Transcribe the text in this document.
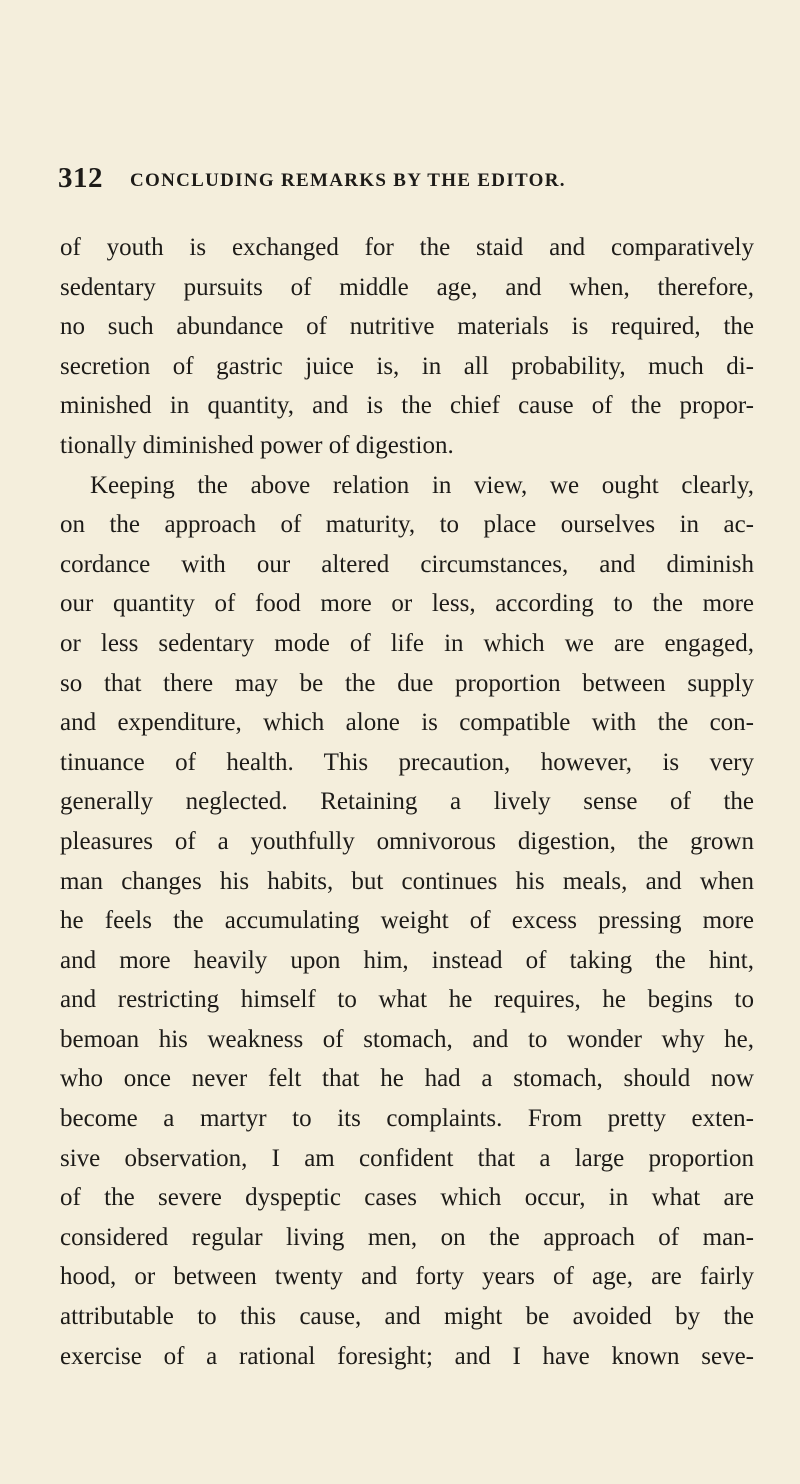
312 CONCLUDING REMARKS BY THE EDITOR.
of youth is exchanged for the staid and comparatively
sedentary pursuits of middle age, and when, therefore,
no such abundance of nutritive materials is required, the
secretion of gastric juice is, in all probability, much di-
minished in quantity, and is the chief cause of the propor-
tionally diminished power of digestion.
Keeping the above relation in view, we ought clearly,
on the approach of maturity, to place ourselves in ac-
cordance with our altered circumstances, and diminish
our quantity of food more or less, according to the more
or less sedentary mode of life in which we are engaged,
so that there may be the due proportion between supply
and expenditure, which alone is compatible with the con-
tinuance of health. This precaution, however, is very
generally neglected. Retaining a lively sense of the
pleasures of a youthfully omnivorous digestion, the grown
man changes his habits, but continues his meals, and when
he feels the accumulating weight of excess pressing more
and more heavily upon him, instead of taking the hint,
and restricting himself to what he requires, he begins to
bemoan his weakness of stomach, and to wonder why he,
who once never felt that he had a stomach, should now
become a martyr to its complaints. From pretty exten-
sive observation, I am confident that a large proportion
of the severe dyspeptic cases which occur, in what are
considered regular living men, on the approach of man-
hood, or between twenty and forty years of age, are fairly
attributable to this cause, and might be avoided by the
exercise of a rational foresight; and I have known seve-
